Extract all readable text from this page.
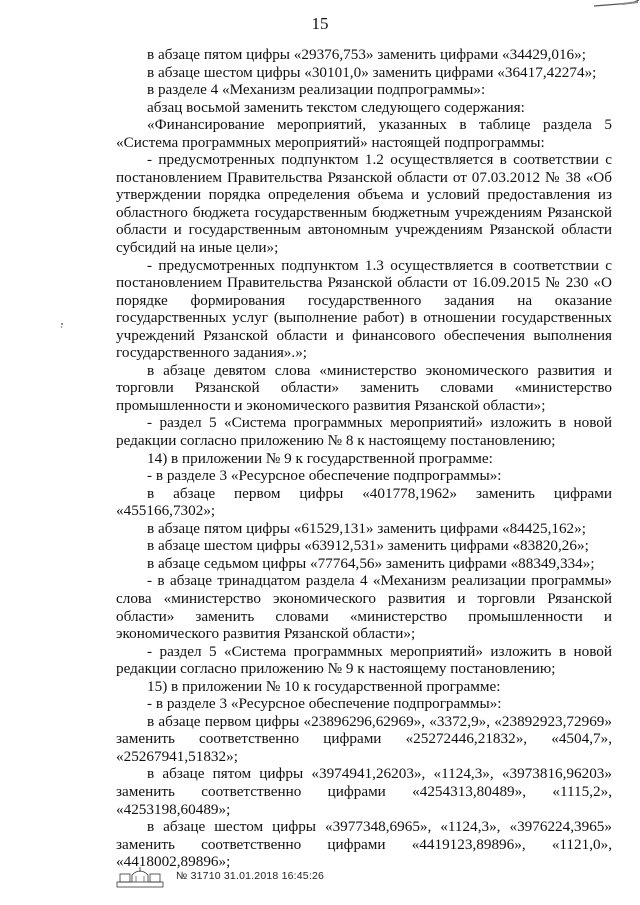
15

в абзаце пятом цифры «29376,753» заменить цифрами «34429,016»;

в абзаце шестом цифры «30101,0» заменить цифрами «36417,42274»;

в разделе 4 «Механизм реализации подпрограммы»:

абзац восьмой заменить текстом следующего содержания:

«Финансирование мероприятий, указанных в таблице раздела 5 «Система программных мероприятий» настоящей подпрограммы:

- предусмотренных подпунктом 1.2 осуществляется в соответствии с постановлением Правительства Рязанской области от 07.03.2012 № 38 «Об утверждении порядка определения объема и условий предоставления из областного бюджета государственным бюджетным учреждениям Рязанской области и государственным автономным учреждениям Рязанской области субсидий на иные цели»;

- предусмотренных подпунктом 1.3 осуществляется в соответствии с постановлением Правительства Рязанской области от 16.09.2015 № 230 «О порядке формирования государственного задания на оказание государственных услуг (выполнение работ) в отношении государственных учреждений Рязанской области и финансового обеспечения выполнения государственного задания».»;

в абзаце девятом слова «министерство экономического развития и торговли Рязанской области» заменить словами «министерство промышленности и экономического развития Рязанской области»;

- раздел 5 «Система программных мероприятий» изложить в новой редакции согласно приложению № 8 к настоящему постановлению;

14) в приложении № 9 к государственной программе:

- в разделе 3 «Ресурсное обеспечение подпрограммы»:

в абзаце первом цифры «401778,1962» заменить цифрами «455166,7302»;

в абзаце пятом цифры «61529,131» заменить цифрами «84425,162»;

в абзаце шестом цифры «63912,531» заменить цифрами «83820,26»;

в абзаце седьмом цифры «77764,56» заменить цифрами «88349,334»;

- в абзаце тринадцатом раздела 4 «Механизм реализации программы» слова «министерство экономического развития и торговли Рязанской области» заменить словами «министерство промышленности и экономического развития Рязанской области»;

- раздел 5 «Система программных мероприятий» изложить в новой редакции согласно приложению № 9 к настоящему постановлению;

15) в приложении № 10 к государственной программе:

- в разделе 3 «Ресурсное обеспечение подпрограммы»:

в абзаце первом цифры «23896296,62969», «3372,9», «23892923,72969» заменить соответственно цифрами «25272446,21832», «4504,7», «25267941,51832»;

в абзаце пятом цифры «3974941,26203», «1124,3», «3973816,96203» заменить соответственно цифрами «4254313,80489», «1115,2», «4253198,60489»;

в абзаце шестом цифры «3977348,6965», «1124,3», «3976224,3965» заменить соответственно цифрами «4419123,89896», «1121,0», «4418002,89896»;

№ 31710 31.01.2018 16:45:26
